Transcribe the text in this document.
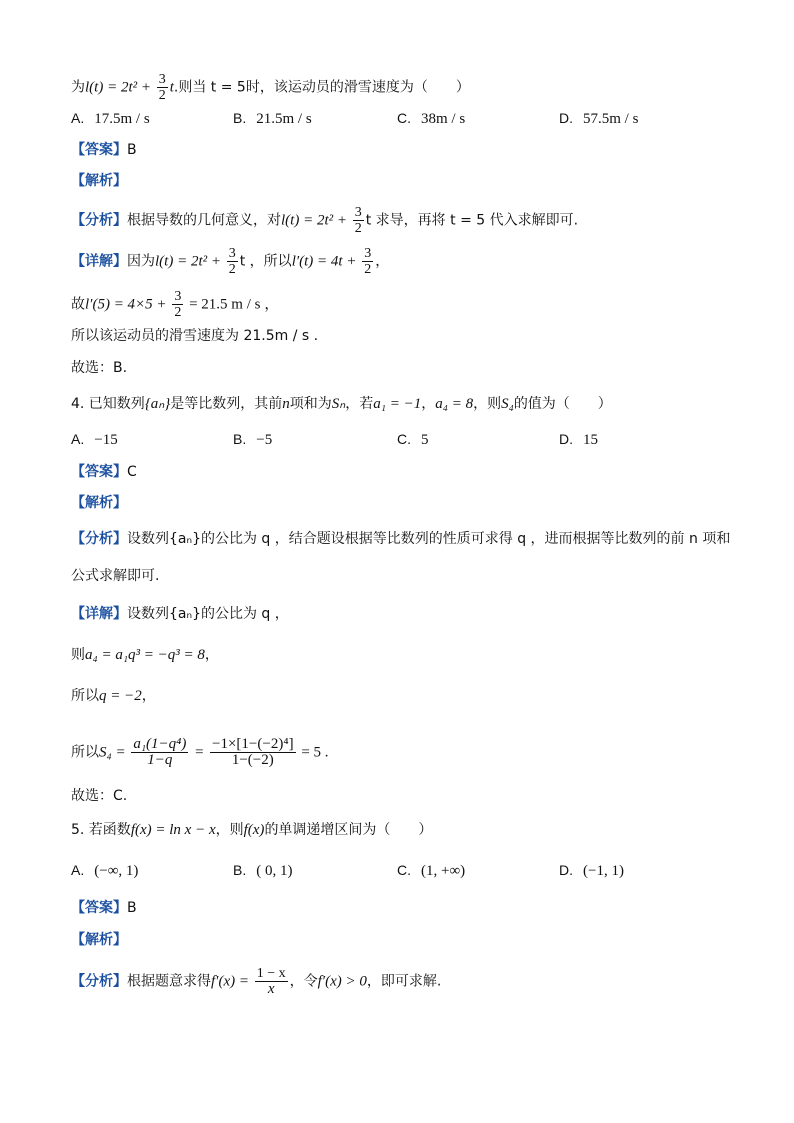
为$l(t) = 2t^2 + \frac{3}{2} t$.则当 t = 5时，该运动员的滑雪速度为（　　）
A. 17.5m / s	B. 21.5m / s	C. 38m / s	D. 57.5m / s
【答案】B
【解析】
【分析】根据导数的几何意义，对$l(t) = 2t^2 + \frac{3}{2}$ t 求导，再将 t = 5 代入求解即可.
【详解】因为$l(t) = 2t^2 + \frac{3}{2}$ t ，所以$l'(t) = 4t + \frac{3}{2}$ ，
故$l'(5) = 4\times 5 + \frac{3}{2} = 21.5$ m / s ，
所以该运动员的滑雪速度为 21.5m / s .
故选：B.
4. 已知数列{aₙ}是等比数列，其前n项和为Sₙ，若a₁ = −1，a₄ = 8，则S₄的值为（　　）
A. −15	B. −5	C. 5	D. 15
【答案】C
【解析】
【分析】设数列{aₙ}的公比为 q ，结合题设根据等比数列的性质可求得 q ，进而根据等比数列的前 n 项和
公式求解即可.
【详解】设数列{aₙ}的公比为 q ，
则a₄ = a₁q³ = −q³ = 8，
所以q = −2，
所以$S_4 = \frac{\text{a₁(1−q⁴)}}{1-q} = \frac{\text{−1×[1−(−2)⁴]}}{1-(-2)} = 5$ .
故选：C.
5. 若函数f(x) = ln x − x，则f(x)的单调递增区间为（　　）
A. (−∞, 1)	B. ( 0, 1)	C. (1, +∞)	D. (−1, 1)
【答案】B
【解析】
【分析】根据题意求得$f'(x) = \frac{1 - x}{x}$ ，令f′(x) > 0，即可求解.
